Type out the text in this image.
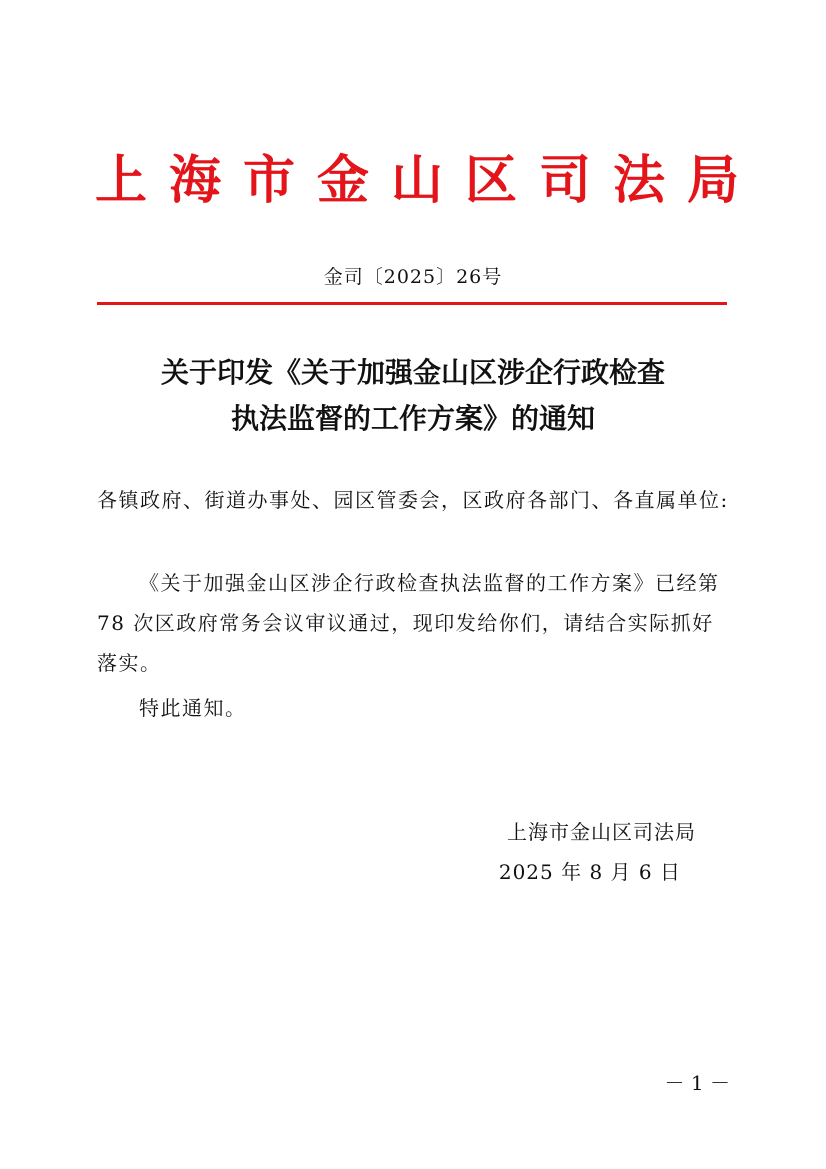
上海市金山区司法局
金司〔2025〕26号
关于印发《关于加强金山区涉企行政检查
执法监督的工作方案》的通知
各镇政府、街道办事处、园区管委会，区政府各部门、各直属单位:
《关于加强金山区涉企行政检查执法监督的工作方案》已经第 78 次区政府常务会议审议通过，现印发给你们，请结合实际抓好落实。
特此通知。
上海市金山区司法局
2025 年 8 月 6 日
－ 1 －
